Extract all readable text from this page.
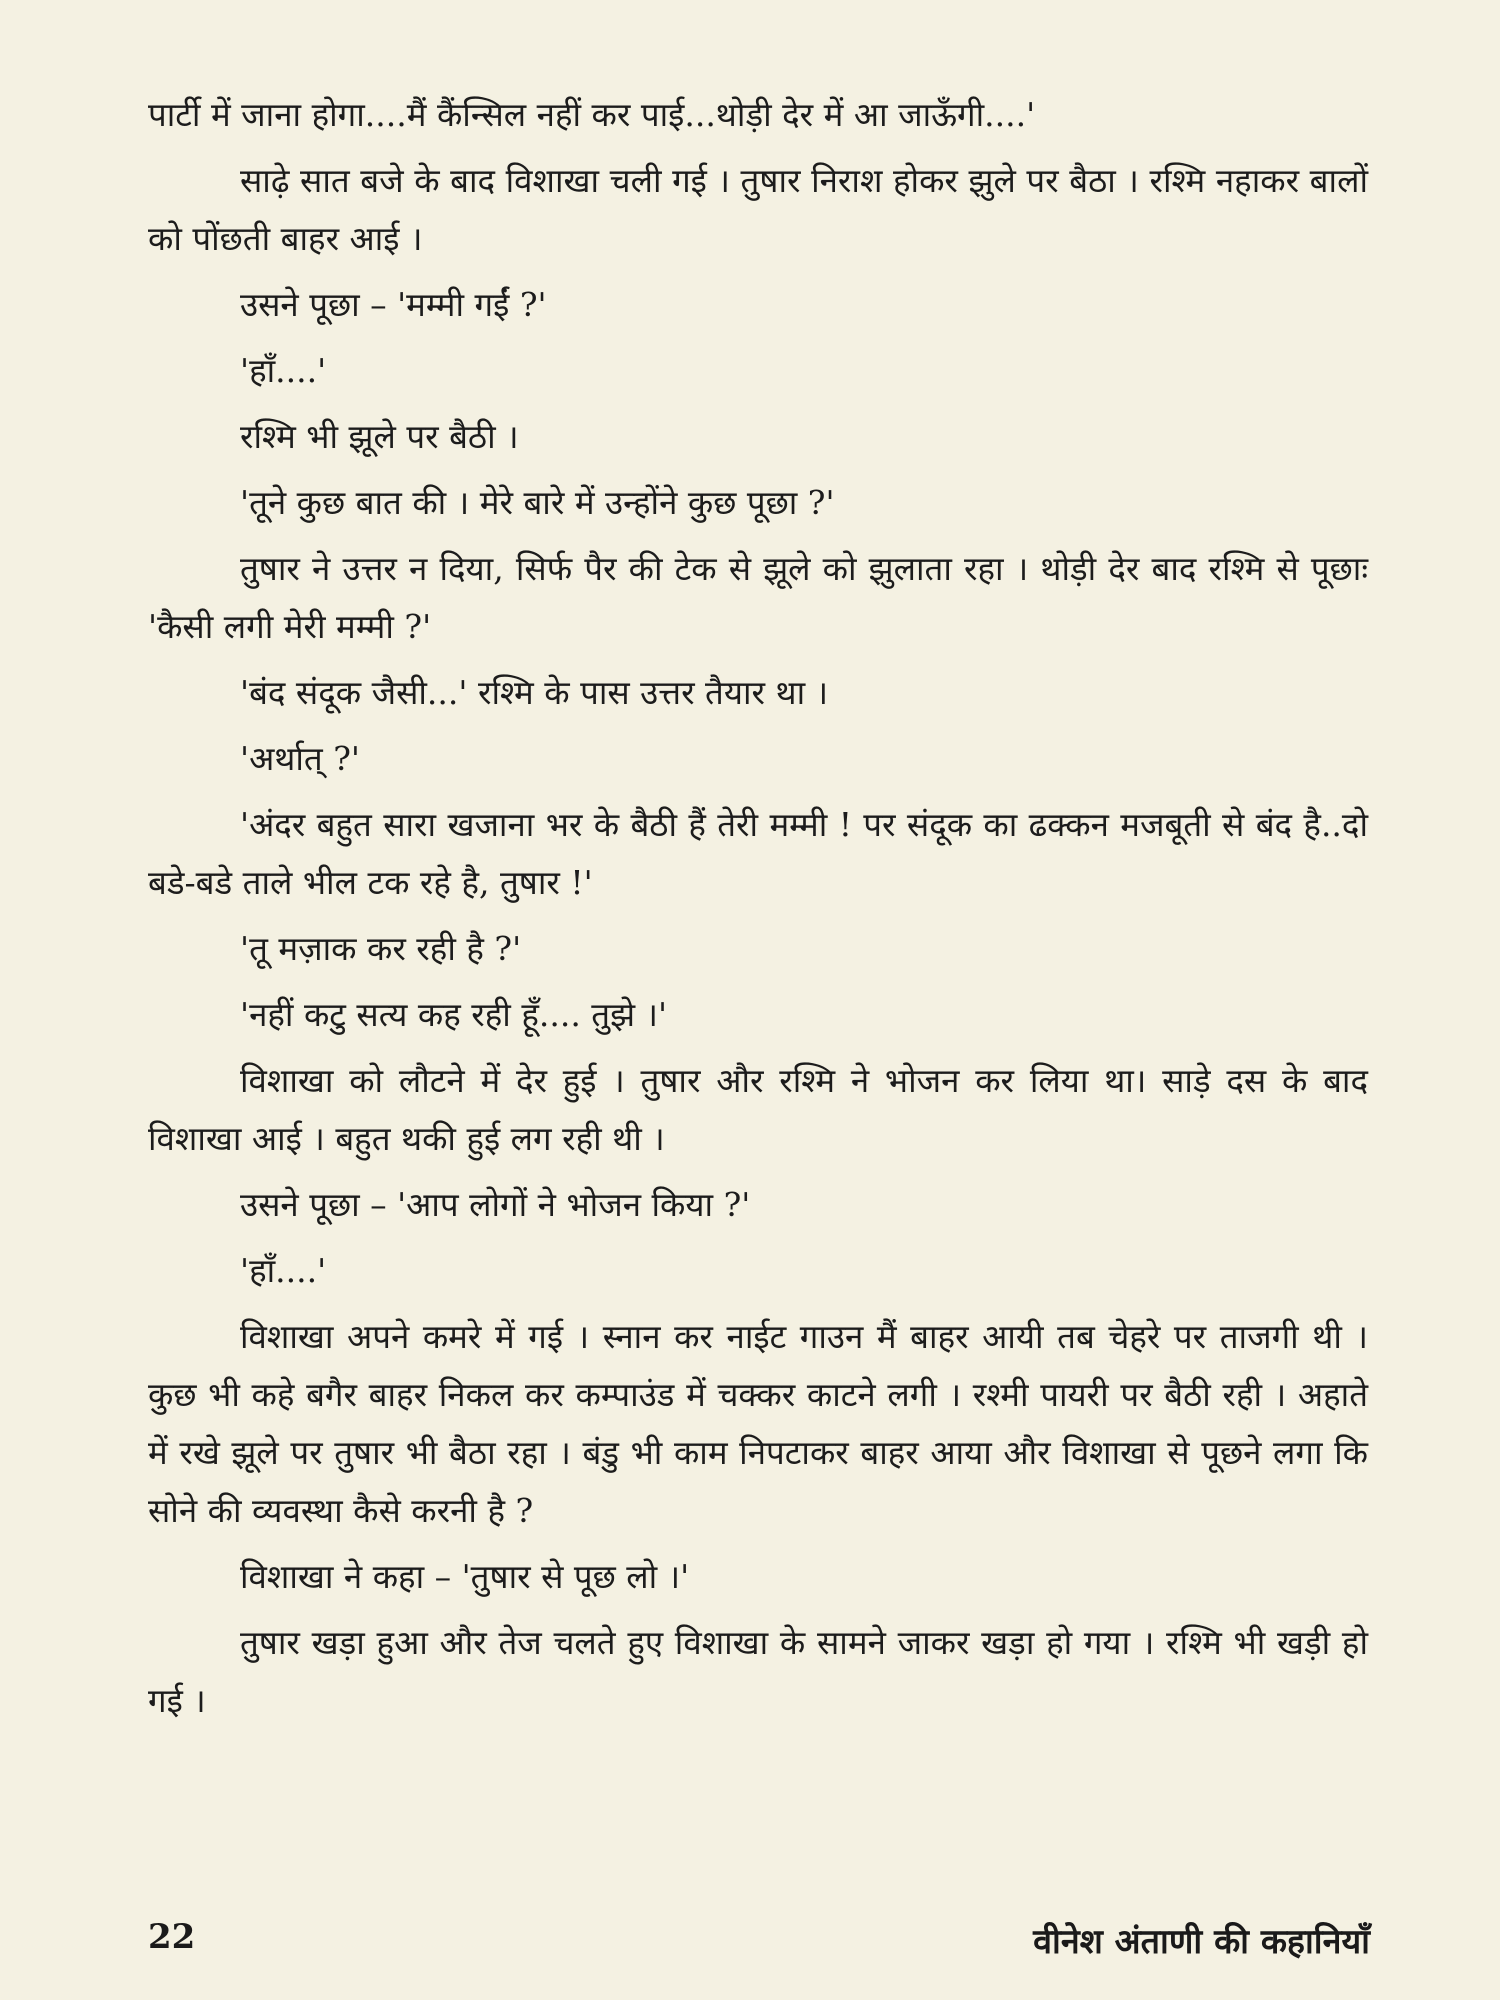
पार्टी में जाना होगा....मैं कैंन्सिल नहीं कर पाई...थोड़ी देर में आ जाऊँगी....'

साढ़े सात बजे के बाद विशाखा चली गई । तुषार निराश होकर झुले पर बैठा । रश्मि नहाकर बालों को पोंछती बाहर आई ।

उसने पूछा – 'मम्मी गईं ?'

'हाँ....'

रश्मि भी झूले पर बैठी ।

'तूने कुछ बात की । मेरे बारे में उन्होंने कुछ पूछा ?'

तुषार ने उत्तर न दिया, सिर्फ पैर की टेक से झूले को झुलाता रहा । थोड़ी देर बाद रश्मि से पूछाः 'कैसी लगी मेरी मम्मी ?'

'बंद संदूक जैसी...' रश्मि के पास उत्तर तैयार था ।

'अर्थात् ?'

'अंदर बहुत सारा खजाना भर के बैठी हैं तेरी मम्मी ! पर संदूक का ढक्कन मजबूती से बंद है..दो बडे-बडे ताले भील टक रहे है, तुषार !'

'तू मज़ाक कर रही है ?'

'नहीं कटु सत्य कह रही हूँ.... तुझे ।'

विशाखा को लौटने में देर हुई । तुषार और रश्मि ने भोजन कर लिया था। साड़े दस के बाद विशाखा आई । बहुत थकी हुई लग रही थी ।

उसने पूछा – 'आप लोगों ने भोजन किया ?'

'हाँ....'

विशाखा अपने कमरे में गई । स्नान कर नाईट गाउन मैं बाहर आयी तब चेहरे पर ताजगी थी । कुछ भी कहे बगैर बाहर निकल कर कम्पाउंड में चक्कर काटने लगी । रश्मी पायरी पर बैठी रही । अहाते में रखे झूले पर तुषार भी बैठा रहा । बंडु भी काम निपटाकर बाहर आया और विशाखा से पूछने लगा कि सोने की व्यवस्था कैसे करनी है ?

विशाखा ने कहा – 'तुषार से पूछ लो ।'

तुषार खड़ा हुआ और तेज चलते हुए विशाखा के सामने जाकर खड़ा हो गया । रश्मि भी खड़ी हो गई ।

22	वीनेश अंताणी की कहानियाँ
